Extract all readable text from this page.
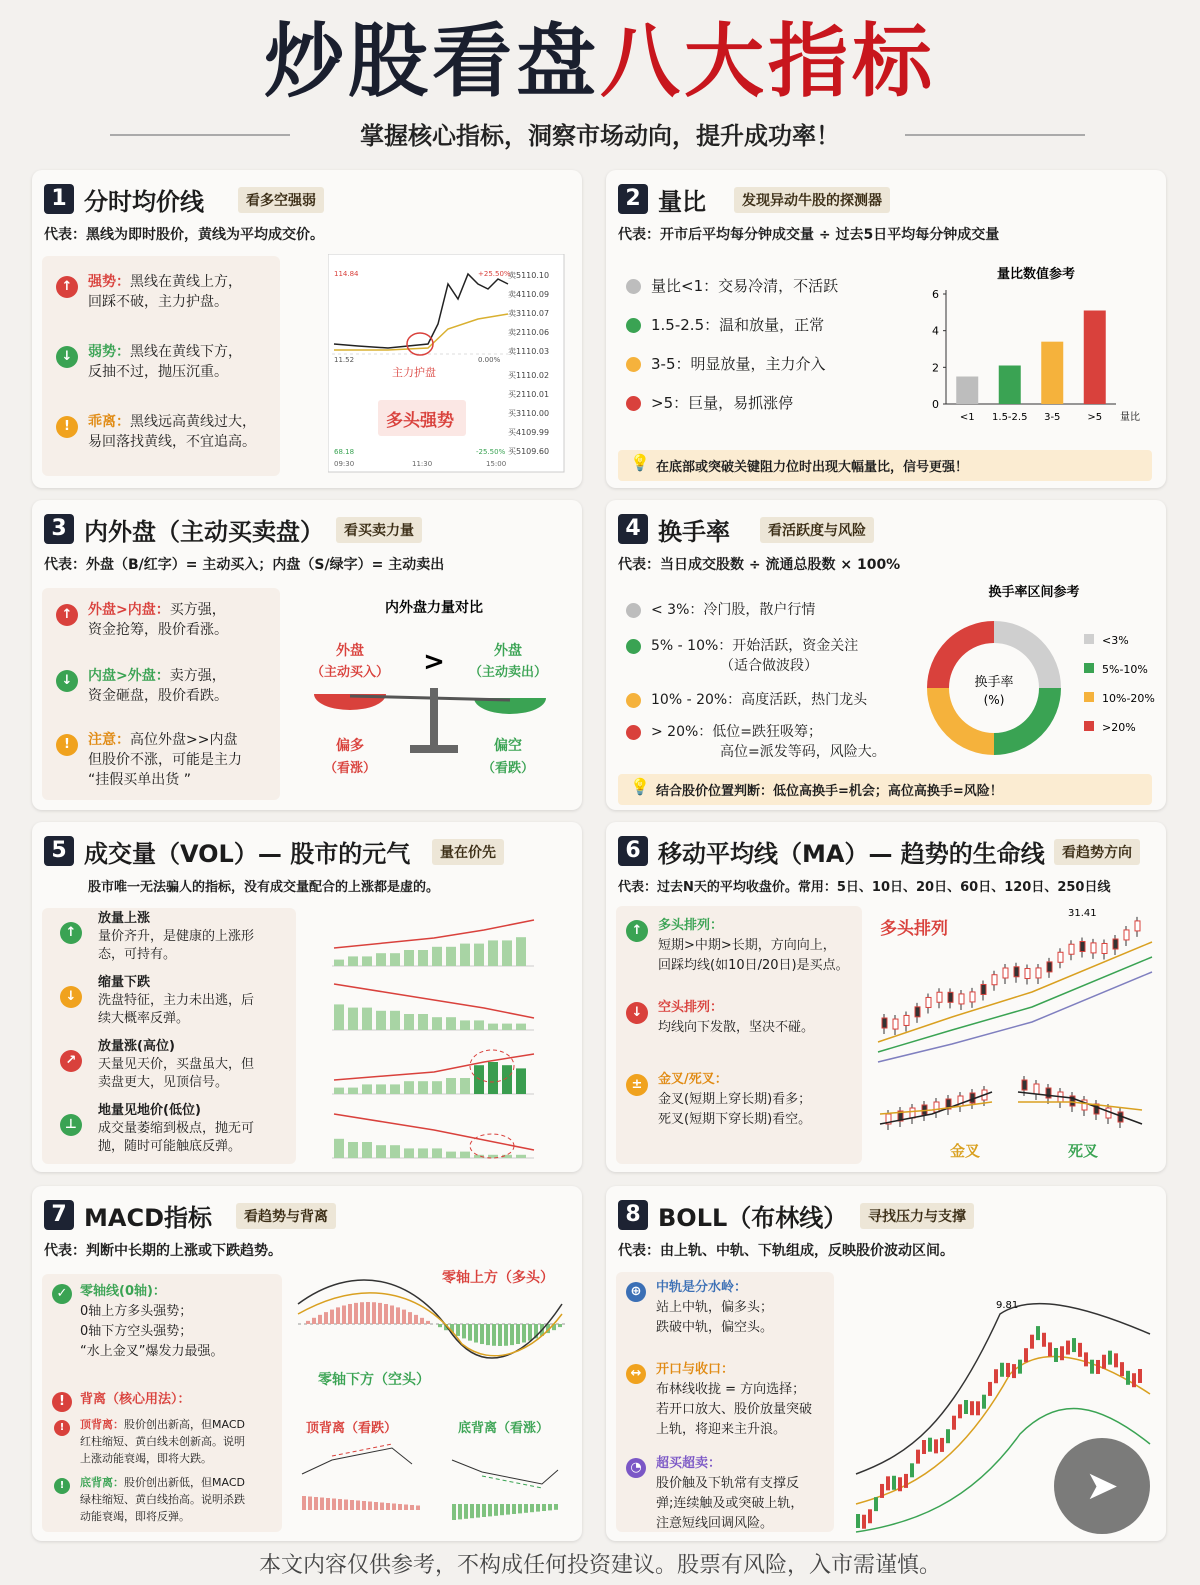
炒股看盘八大指标
掌握核心指标，洞察市场动向，提升成功率！
1 分时均价线	看多空强弱
代表：黑线为即时股价，黄线为平均成交价。
↑	强势：黑线在黄线上方，
回踩不破，主力护盘。
↓	弱势：黑线在黄线下方，
反抽不过，抛压沉重。
!	乖离：黑线远高黄线过大，
易回落找黄线，不宜追高。
多头强势
主力护盘
+25.50%
0.00%
-25.50%
114.84
11.52
68.18
09:30	11:30	15:00
卖5110.10
卖4110.09
卖3110.07
卖2110.06
卖1110.03
买1110.02
买2110.01
买3110.00
买4109.99
买5109.60
2 量比	发现异动牛股的探测器
代表：开市后平均每分钟成交量 ÷ 过去5日平均每分钟成交量
量比<1：交易冷清，不活跃
1.5-2.5：温和放量，正常
3-5：明显放量，主力介入
>5：巨量，易抓涨停
量比数值参考
0
2
4
6
<1 1.5-2.5 3-5	>5 量比
💡 在底部或突破关键阻力位时出现大幅量比，信号更强！
3 内外盘（主动买卖盘）	看买卖力量
代表：外盘（B/红字）= 主动买入；内盘（S/绿字）= 主动卖出
↑	外盘>内盘：买方强，
资金抢筹，股价看涨。
↓	内盘>外盘：卖方强，
资金砸盘，股价看跌。
!	注意：高位外盘>>内盘
但股价不涨，可能是主力
“挂假买单出货 ”
内外盘力量对比
外盘
（主动买入） >	外盘
（主动卖出）
偏多
（看涨）
偏空
（看跌）
4 换手率	看活跃度与风险
代表：当日成交股数 ÷ 流通总股数 × 100%
< 3%：冷门股，散户行情
5% - 10%：开始活跃，资金关注
（适合做波段）
10% - 20%：高度活跃，热门龙头
> 20%：低位=跌狂吸筹；
高位=派发等码，风险大。
换手率区间参考
换手率
(%)
<3%
5%-10%
10%-20%
>20%
💡 结合股价位置判断：低位高换手=机会；高位高换手=风险！
5 成交量（VOL）— 股市的元气	量在价先
股市唯一无法骗人的指标，没有成交量配合的上涨都是虚的。
↑
放量上涨
量价齐升，是健康的上涨形
态，可持有。
↓
缩量下跌
洗盘特征，主力未出逃，后
续大概率反弹。
↗
放量涨(高位)
天量见天价，买盘虽大，但
卖盘更大，见顶信号。
⊥
地量见地价(低位)
成交量萎缩到极点，抛无可
抛，随时可能触底反弹。
6 移动平均线（MA）— 趋势的生命线	看趋势方向
代表：过去N天的平均收盘价。常用：5日、10日、20日、60日、120日、250日线
↑	多头排列：
短期>中期>长期，方向向上，
回踩均线(如10日/20日)是买点。
↓	空头排列：
均线向下发散，坚决不碰。
±	金叉/死叉：
金叉(短期上穿长期)看多；
死叉(短期下穿长期)看空。
多头排列
31.41
金叉	死叉
7 MACD指标	看趋势与背离
代表：判断中长期的上涨或下跌趋势。
✓ 零轴线(0轴)：
0轴上方多头强势；
0轴下方空头强势；
“水上金叉”爆发力最强。
!	背离（核心用法）：
!	顶背离：股价创出新高，但MACD
红柱缩短、黄白线未创新高。说明
上涨动能衰竭，即将大跌。
!	底背离：股价创出新低，但MACD
绿柱缩短、黄白线抬高。说明杀跌
动能衰竭，即将反弹。
零轴上方（多头）
零轴下方（空头）
顶背离（看跌）	底背离（看涨）
8 BOLL（布林线）	寻找压力与支撑
代表：由上轨、中轨、下轨组成，反映股价波动区间。
⊕	中轨是分水岭：
站上中轨，偏多头；
跌破中轨，偏空头。
↔	开口与收口：
布林线收拢 = 方向选择；
若开口放大、股价放量突破
上轨，将迎来主升浪。
◔	超买超卖：
股价触及下轨常有支撑反
弹;连续触及或突破上轨，
注意短线回调风险。
9.81
➤
本文内容仅供参考，不构成任何投资建议。股票有风险，入市需谨慎。
